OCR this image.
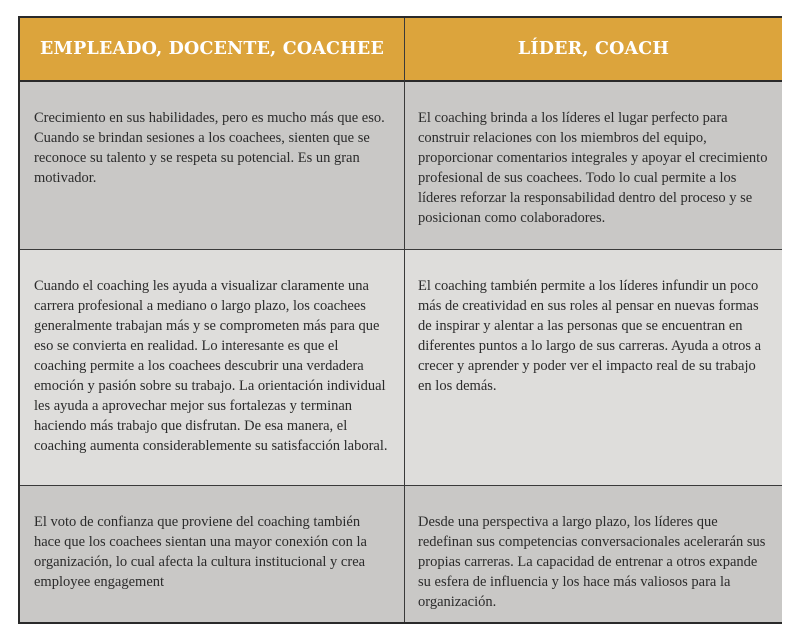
EMPLEADO, DOCENTE, COACHEE	LÍDER, COACH
Crecimiento en sus habilidades, pero es mucho más que eso. Cuando se brindan sesiones a los coachees, sienten que se reconoce su talento y se respeta su potencial. Es un gran motivador.
El coaching brinda a los líderes el lugar perfecto para construir relaciones con los miembros del equipo, proporcionar comentarios integrales y apoyar el crecimiento profesional de sus coachees. Todo lo cual permite a los líderes reforzar la responsabilidad dentro del proceso y se posicionan como colaboradores.
Cuando el coaching les ayuda a visualizar claramente una carrera profesional a mediano o largo plazo, los coachees generalmente trabajan más y se comprometen más para que eso se convierta en realidad. Lo interesante es que el coaching permite a los coachees descubrir una verdadera emoción y pasión sobre su trabajo. La orientación individual les ayuda a aprovechar mejor sus fortalezas y terminan haciendo más trabajo que disfrutan. De esa manera, el coaching aumenta considerablemente su satisfacción laboral.
El coaching también permite a los líderes infundir un poco más de creatividad en sus roles al pensar en nuevas formas de inspirar y alentar a las personas que se encuentran en diferentes puntos a lo largo de sus carreras. Ayuda a otros a crecer y aprender y poder ver el impacto real de su trabajo en los demás.
El voto de confianza que proviene del coaching también hace que los coachees sientan una mayor conexión con la organización, lo cual afecta la cultura institucional y crea employee engagement
Desde una perspectiva a largo plazo, los líderes que redefinan sus competencias conversacionales acelerarán sus propias carreras. La capacidad de entrenar a otros expande su esfera de influencia y los hace más valiosos para la organización.
